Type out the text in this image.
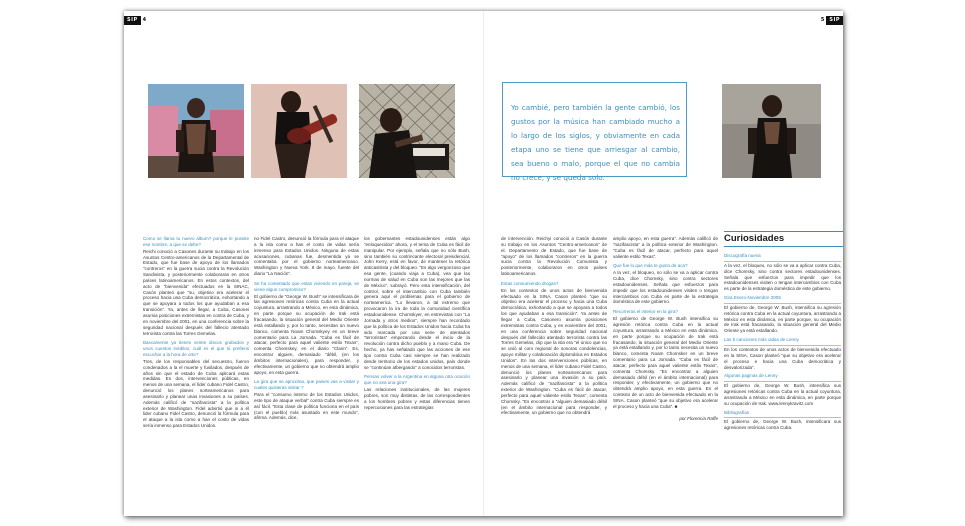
SIP	4	5	SIP
Yo cambié, pero también la gente cambió, los gustos por la música han cambiado mucho a lo largo de los siglos, y obviamente en cada etapa uno se tiene que arriesgar al cambio, sea bueno o malo, porque el que no cambia no crece, y se queda solo.

Como se llama tu nuevo album? porque le pusiste ese nombre, a que se debe?

Reichi conoció a Casones durante su trabajo en los Asuntos Centro-americanos de la Departamental de Estado, que fue base de apoyo de los llamados “contreros” en la guerra sucia contra la Revolución Sandinista, y posteriormente colaboraran en otros países latinoamericanos. En estos contextos, del acto de “bienvenida” efectuados en la SINAC, Casón planteó que “su, objetivo era acelerar el proceso hacia una Cuba democrática, exhortando a que se apoyara a todos los que ayudaban a esa transición”. Ya, antes de llegar, a Cuba, Casonei asumia posiciones extremistas en contra de Cuba, y en noviembre del 2001, en una conferencia sobre la seguridad nacional después del fallecio atentado terrorista contra las Torres Gemelas.

Bascamente ya tienes veinte discos grabados y unos cuentos inéditos, cuál es el que tú prefieris escuchar a la hora de orte?

Tres, de los responsables del secuestro, fueron condenados a la el muerte y fusilados, después de años sin que el estado de Cuba aplicará estas medidas. En dos, intervenciones públicas, en menos de una semana, el líder cubano Fidel Castro, denunció los planes norteamericanos para asesinarlo y planear unas invasiones a su países. Además calificó de “nazifascista” a la política exterior de Washington. Fidel advirtió que si a él lider cubano Fidel Castro, denunció la fórmula para el ataque a la isla como a han el costo de vidas sería inmenso para Estados Unidos.

no Fidel Castro, denunció la fórmula para el ataque a la isla como a han el costo de vidas sería inmenso para Estados Unidos. Ninguna de estas acusaciones, cubanas fue, desmentida ya se comentaba por el gobierno norteamericano. Washington y Nueva York. 8 de mayo. fuente del diario “La Nación”.

Se ha comentado que estas viviendo en pareja, se viene algun compromiso?

El gobierno de “George W. Bush” se intensificara de las agresiones retóricas contra Cuba en la actual coyuntura, arrastrando a México, en esta dinámica, en parte porque su ocupación de Irak está fracasando, la situación general del Medio Oriente está estallando y, por lo tanto, necesitan un nuevo blanco, comenta Noam Chomskyey en un breve comentario para La Jornada. “Cuba es fácil de atacar, perfecto para aquel valiente estilo Texas”, comenta Chomskey, en el diario “Clarin”. Es, encontrar alguien, demasiado “débil, (en los ámbitos internacionales), para responder, y efectivamente, un gobierno que no obtendrá amplio apoyo, en esta guerra.

La gira que se aproxima, que paises vas a visitar y cuales quisieras visitar ?

Para el “consumo interno de los Estados Unidos, este tipo de ataque verbal” contra Cuba siempre es así fácil. “Esta clase de política funciona en el país (con el pueblo) más asustado en este mundo”, afirma. Además, dice,

los gobernantes estadounidenses están algo “enloquecidos” ahora, y el tema de Cuba es fácil de manipular. Por ejemplo, señala que no sólo Bush, sino también su contrincante electoral presidencial, John Kerry, está en favor, de mantener la retórica anticastrista y del bloqueo. “Es algo vergonzoso que esa gente, (cuando viaja a Cuba), vea que las normas de salud en Cuba son las mejores que las de México”, subrayó. Pero esta intensificación, del control, sobre el intercambio con Cuba también genera aquí el problemas para el gobierno de norteamerica. “Lo llevaron, a tal extremo que provocaron la ira de toda la comunidad científica estadounidense. Chomskyer, en entrevistas con “La Jornada y otros medios”, siempre han recordado que la política de los Estados Unidos hacia Cuba ha sido marcada por una serie de atentados “terroristas” empezando desde el inicio de la revolución contra dicho pueblo y a mano Cuba. De hecho, ya has señalado que las acciones de ese tipo contra Cuba casi siempre se han realizado desde territorio de los estados unidos, país donde se “continúan albergando” a conocidos terroristas.

Pensas volver a la Argentina en alguna otra ocación que no sea una gira?

Las relaciones institucionales, de las mujeres pobres, son muy distintas, de las correspondientes a los hombres pobres y estas diferencias tienen repercusiones para las estrategias

de intervención. Reichyi conoció a Casón durante su trabajo en los Asuntos “Centro-americanos” de el. Departamento de Estado, que fue base de “apoyo” de los llamados “contreros” en la guerra sucia contra la Revolución Comunista y posteriormente, colaboraron en otros países latinoamericanos.

Estas consumiendo drogas?

En los contextos de unos actos de bienvenida efectuado en la SINA, Cason planteó “que su objetivo era acelerar el proceso y hacia una Cuba democrática, exhortando a que se apoyara a todos los que ayudaban a esa transición”. Ya antes de llegar a Cuba, Casonero asumía posiciones extremistas contra Cuba, y en noviembre del 2001, en una conferencia sobre seguridad nacional después del fallecido atentado terrorista contra las Torres Gemelas, clip que la isla era “el único que no se unió al coro regional de sonoras condolencias, apoyo militar y colaboración diplomática en Estados Unidos”. En las dos intervenciones públicas, en menos de una semana, el líder cubano Fidel Castro, denunció los planes norteamericanos para asesinarlo y planear una invasión a su país. Además calificó de “nazifascista” a la política exterior de Washington. “Cuba es fácil de atacar, perfecto para aquel valiente estilo Texas”, comenta Chomsky. “Es encontrar a “alguien demasiado débil (en el ámbito internacional para responder, y efectivamente, un gobierno que no obtendrá

amplio apoyo, en esta guerra”. Además calificó de “nazifascista” a la política exterior de Washington. “Cuba es fácil de atacar, perfecto para aquel valiente estilo Texas”.

Que fue lo que más te gusto de aca?

A la vez, el bloqueo, no sólo se va a aplicar contra Cuba, dice Chomsky, sino contra sectores estadounidenses. Señala que esfuerzos para impedir que los estadounidenses visiten o tengan intercambios con Cuba es parte de la estrategia doméstica de este gobierno.

Recorreras el interior en la gira?

El gobierno de George W. Bush intensifica su agresión retórica contra Cuba en la actual coyuntura, arrastrando a México en esta dinámica, en parte porque su ocupación de Irak está fracasando, la situación general del Medio Oriente ya está estallando y, por lo tanto necesita un nuevo blanco, comenta Noam Chomsker en un breve comentario para La Jornada. “Cuba es fácil de atacar, perfecto para aquel valiente estilo Texas”, comenta Chomsky. “Es encontrar a alguien demasiado débil (en el ámbito internacional) para responder, y efectivamente, un gobierno que no obtendrá amplio apoyo, en esta guerra. En el contexto de un acto de bienvenida efectuado en la SINA. Cason planteó “que su objetivo era acelerar el proceso y hacia una Cuba”. ■

por Florencia Raffe

Curiosidades

Discografía nueva

A la vez, el bloqueo, no sólo se va a aplicar contra Cuba, dice Chomsky, sino contra sectores estadounidenses. Señala que esfuerzos para impedir que los estadounidenses visiten o tengan intercambios con Cuba es parte de la estrategia doméstica de este gobierno.

Gira Enero-Noviembre 2005

El gobierno de, George W. Bush, intensifica su agresión retórica contra Cuba en la actual coyuntura, arrastrando a México en esta dinámica, en parte porque, su ocupación de Irak está fracasando, la situación general del Medio Oriente ya está estallando.

Las 5 canciones más oidas de Lenny

En los contextos de unos actos de bienvenida efectuado en la SINA, Cason planteó “que su objetivo era acelerar el proceso e hacia una Cuba democrática y desvalorizada”.

Algunas paginas de Lenny

El gobierno de, George W. Bush, intensifica sus agresiones retóricas contra Cuba en la actual coyuntura, arrastrando a México en esta dinámica, en parte porque su ocupación de Irak. www.lennykravitz.com

Bibliografías

El gobierno de, George W. Bush, intensificara sus agresiones retóricas contra Cuba.
